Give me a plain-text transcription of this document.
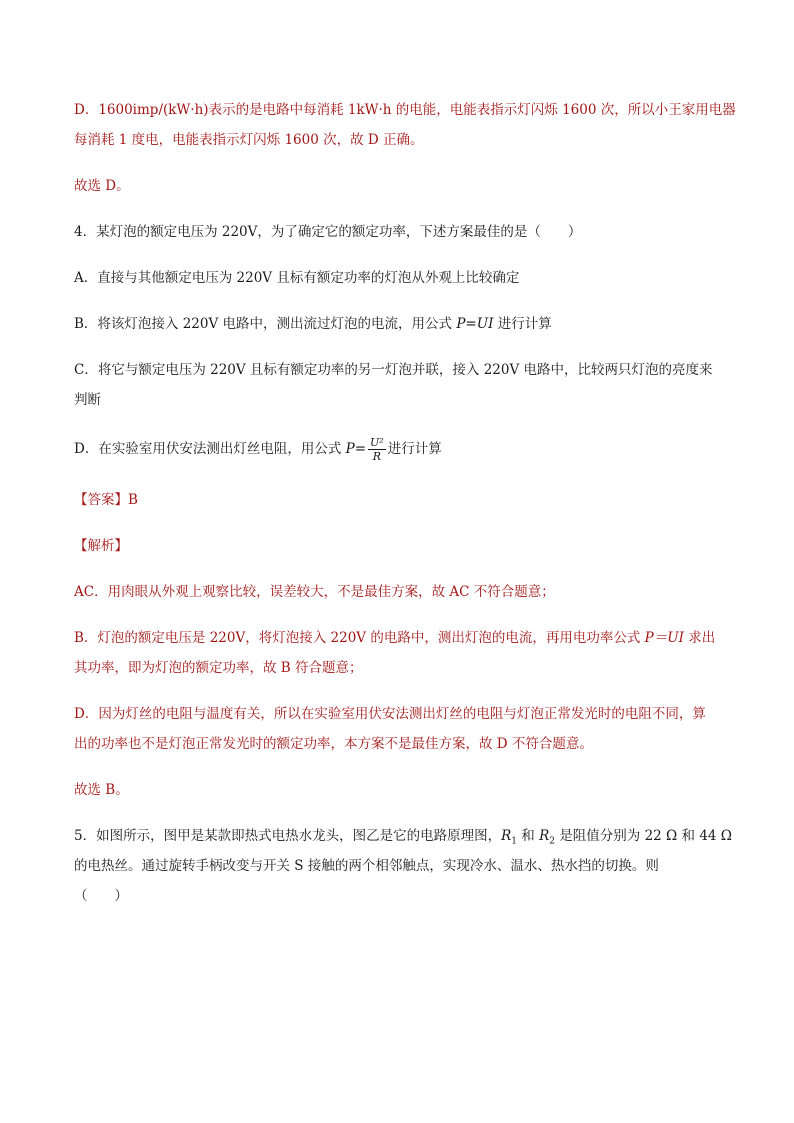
D．1600imp/(kW·h)表示的是电路中每消耗 1kW·h 的电能，电能表指示灯闪烁 1600 次，所以小王家用电器
每消耗 1 度电，电能表指示灯闪烁 1600 次，故 D 正确。
故选 D。
4．某灯泡的额定电压为 220V，为了确定它的额定功率，下述方案最佳的是（　　）
A．直接与其他额定电压为 220V 且标有额定功率的灯泡从外观上比较确定
B．将该灯泡接入 220V 电路中，测出流过灯泡的电流，用公式 P=UI 进行计算
C．将它与额定电压为 220V 且标有额定功率的另一灯泡并联，接入 220V 电路中，比较两只灯泡的亮度来
判断
D．在实验室用伏安法测出灯丝电阻，用公式 $P= \frac{\text{U²}}{R}$ 进行计算
【答案】B
【解析】
AC．用肉眼从外观上观察比较，误差较大，不是最佳方案，故 AC 不符合题意；
B．灯泡的额定电压是 220V，将灯泡接入 220V 的电路中，测出灯泡的电流，再用电功率公式 P＝UI 求出
其功率，即为灯泡的额定功率，故 B 符合题意；
D．因为灯丝的电阻与温度有关，所以在实验室用伏安法测出灯丝的电阻与灯泡正常发光时的电阻不同，算
出的功率也不是灯泡正常发光时的额定功率，本方案不是最佳方案，故 D 不符合题意。
故选 B。
5．如图所示，图甲是某款即热式电热水龙头，图乙是它的电路原理图，$R_1$ 和 $R_2$ 是阻值分别为 22 Ω 和 44 Ω
的电热丝。通过旋转手柄改变与开关 S 接触的两个相邻触点，实现冷水、温水、热水挡的切换。则
（　　）
